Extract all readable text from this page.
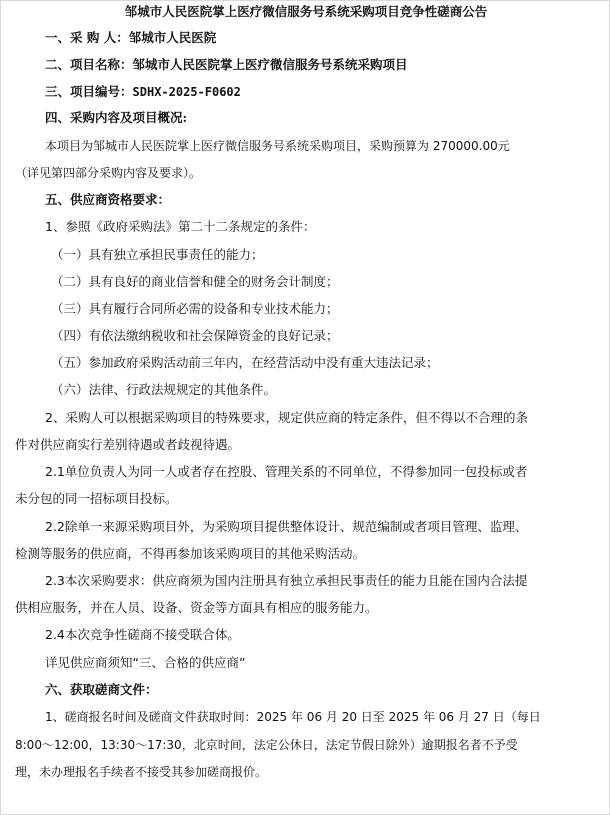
邹城市人民医院掌上医疗微信服务号系统采购项目竞争性磋商公告
一、采 购 人：邹城市人民医院
二、项目名称：邹城市人民医院掌上医疗微信服务号系统采购项目
三、项目编号：SDHX-2025-F0602
四、采购内容及项目概况:
本项目为邹城市人民医院掌上医疗微信服务号系统采购项目，采购预算为 270000.00元
（详见第四部分采购内容及要求）。
五、供应商资格要求：
1、参照《政府采购法》第二十二条规定的条件：
（一）具有独立承担民事责任的能力；
（二）具有良好的商业信誉和健全的财务会计制度；
（三）具有履行合同所必需的设备和专业技术能力；
（四）有依法缴纳税收和社会保障资金的良好记录；
（五）参加政府采购活动前三年内，在经营活动中没有重大违法记录；
（六）法律、行政法规规定的其他条件。
2、采购人可以根据采购项目的特殊要求，规定供应商的特定条件，但不得以不合理的条
件对供应商实行差别待遇或者歧视待遇。
2.1单位负责人为同一人或者存在控股、管理关系的不同单位，不得参加同一包投标或者
未分包的同一招标项目投标。
2.2除单一来源采购项目外，为采购项目提供整体设计、规范编制或者项目管理、监理、
检测等服务的供应商，不得再参加该采购项目的其他采购活动。
2.3本次采购要求：供应商须为国内注册具有独立承担民事责任的能力且能在国内合法提
供相应服务，并在人员、设备、资金等方面具有相应的服务能力。
2.4本次竞争性磋商不接受联合体。
详见供应商须知“三、合格的供应商”
六、获取磋商文件：
1、磋商报名时间及磋商文件获取时间：2025 年 06 月 20 日至 2025 年 06 月 27 日（每日
8:00～12:00，13:30～17:30，北京时间，法定公休日，法定节假日除外）逾期报名者不予受
理，未办理报名手续者不接受其参加磋商报价。
